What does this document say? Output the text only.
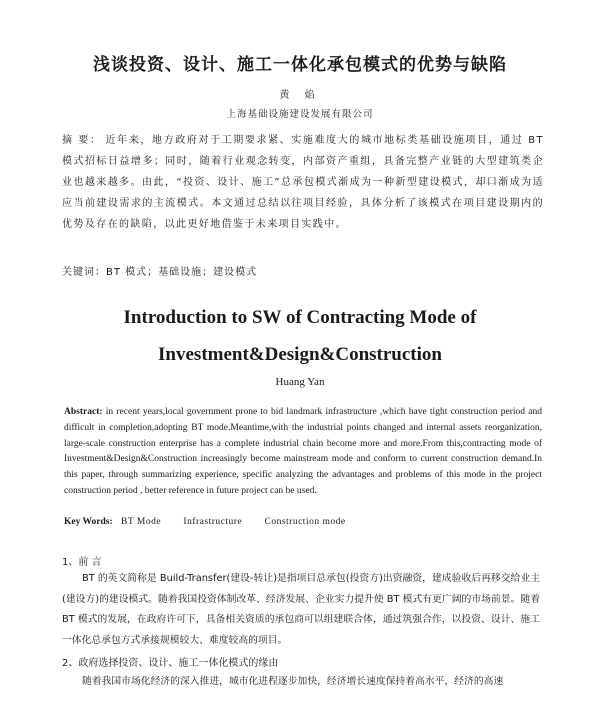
浅谈投资、设计、施工一体化承包模式的优势与缺陷
黄 焰
上海基础设施建设发展有限公司
摘 要： 近年来，地方政府对于工期要求紧、实施难度大的城市地标类基础设施项目，通过 BT 模式招标日益增多；同时，随着行业观念转变，内部资产重组，具备完整产业链的大型建筑类企业也越来越多。由此，“投资、设计、施工”总承包模式渐成为一种新型建设模式，却口渐成为适应当前建设需求的主流模式。本文通过总结以往项目经验，具体分析了该模式在项目建设期内的优势及存在的缺陷，以此更好地借鉴于未来项目实践中。
关键词：BT 模式；基础设施；建设模式
Introduction to SW of Contracting Mode of
Investment&Design&Construction
Huang Yan
Abstract: in recent years,local government prone to bid landmark infrastructure ,which have tight construction period and difficult in completion,adopting BT mode.Meantime,with the industrial points changed and internal assets reorganization, large-scale construction enterprise has a complete industrial chain become more and more.From this,contracting mode of Investment&Design&Construction increasingly become mainstream mode and conform to current construction demand.In this paper, through summarizing experience, specific analyzing the advantages and problems of this mode in the project construction period , better reference in future project can be used.
Key Words: BT Mode Infrastructure Construction mode
1、前 言
BT 的英文简称是 Build-Transfer(建设-转让)是指项目总承包(投资方)出资融资，建成验收后再移交给业主(建设方)的建设模式。随着我国投资体制改革、经济发展、企业实力提升使 BT 模式有更广阔的市场前景。随着 BT 模式的发展，在政府许可下，具备相关资质的承包商可以组建联合体，通过筑强合作，以投资、设计、施工一体化总承包方式承接规模较大、难度较高的项目。
2、政府选择投资、设计、施工一体化模式的缘由
随着我国市场化经济的深入推进，城市化进程逐步加快，经济增长速度保持着高水平，经济的高速
